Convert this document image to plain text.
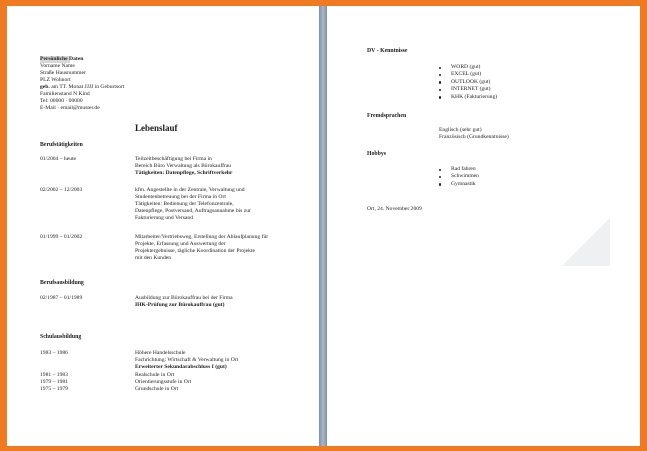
Persönliche Daten
Vorname Name
Straße Hausnummer
PLZ Wohnort
geb. am TT. Monat JJJJ in Geburtsort
Familienstand N Kind
Tel: 00000 · 00000
E-Mail · email@muster.de
Lebenslauf
Berufstätigkeiten
01/2004 – heute	Teilzeitbeschäftigung bei Firma in
Bereich Büro Verwaltung als Bürokauffrau
Tätigkeiten: Datenpflege, Schriftverkehr
02/2002 – 12/2003	kfm. Angestellte in der Zentrale, Verwaltung und
Studentenbetreuung bei der Firma in Ort
Tätigkeiten: Bedienung der Telefonzentrale,
Datenpflege, Postversand, Auftragsannahme bis zur
Fakturierung und Versand
01/1999 – 01/2002	Mitarbeiter/Vertriebsweg, Erstellung der Ablaufplanung für
Projekte, Erfassung und Auswertung der
Projektergebnisse, tägliche Koordination der Projekte
mit den Kunden
Berufsausbildung
02/1987 – 01/1989	Ausbildung zur Bürokauffrau bei der Firma
IHK-Prüfung zur Bürokauffrau (gut)
Schulausbildung
1983 – 1986	Höhere Handelsschule
Fachrichtung: Wirtschaft & Verwaltung in Ort
Erweiterter Sekundarabschluss I (gut)
1981 – 1983	Realschule in Ort
1979 – 1981	Orientierungsstufe in Ort
1975 – 1979	Grundschule in Ort
DV - Kenntnisse
WORD (gut)
EXCEL (gut)
OUTLOOK (gut)
INTERNET (gut)
KHK (Fakturierung)
Fremdsprachen
Englisch (sehr gut)
Französisch (Grundkenntnisse)
Hobbys
Rad fahren
Schwimmen
Gymnastik
Ort, 24. November 2009
